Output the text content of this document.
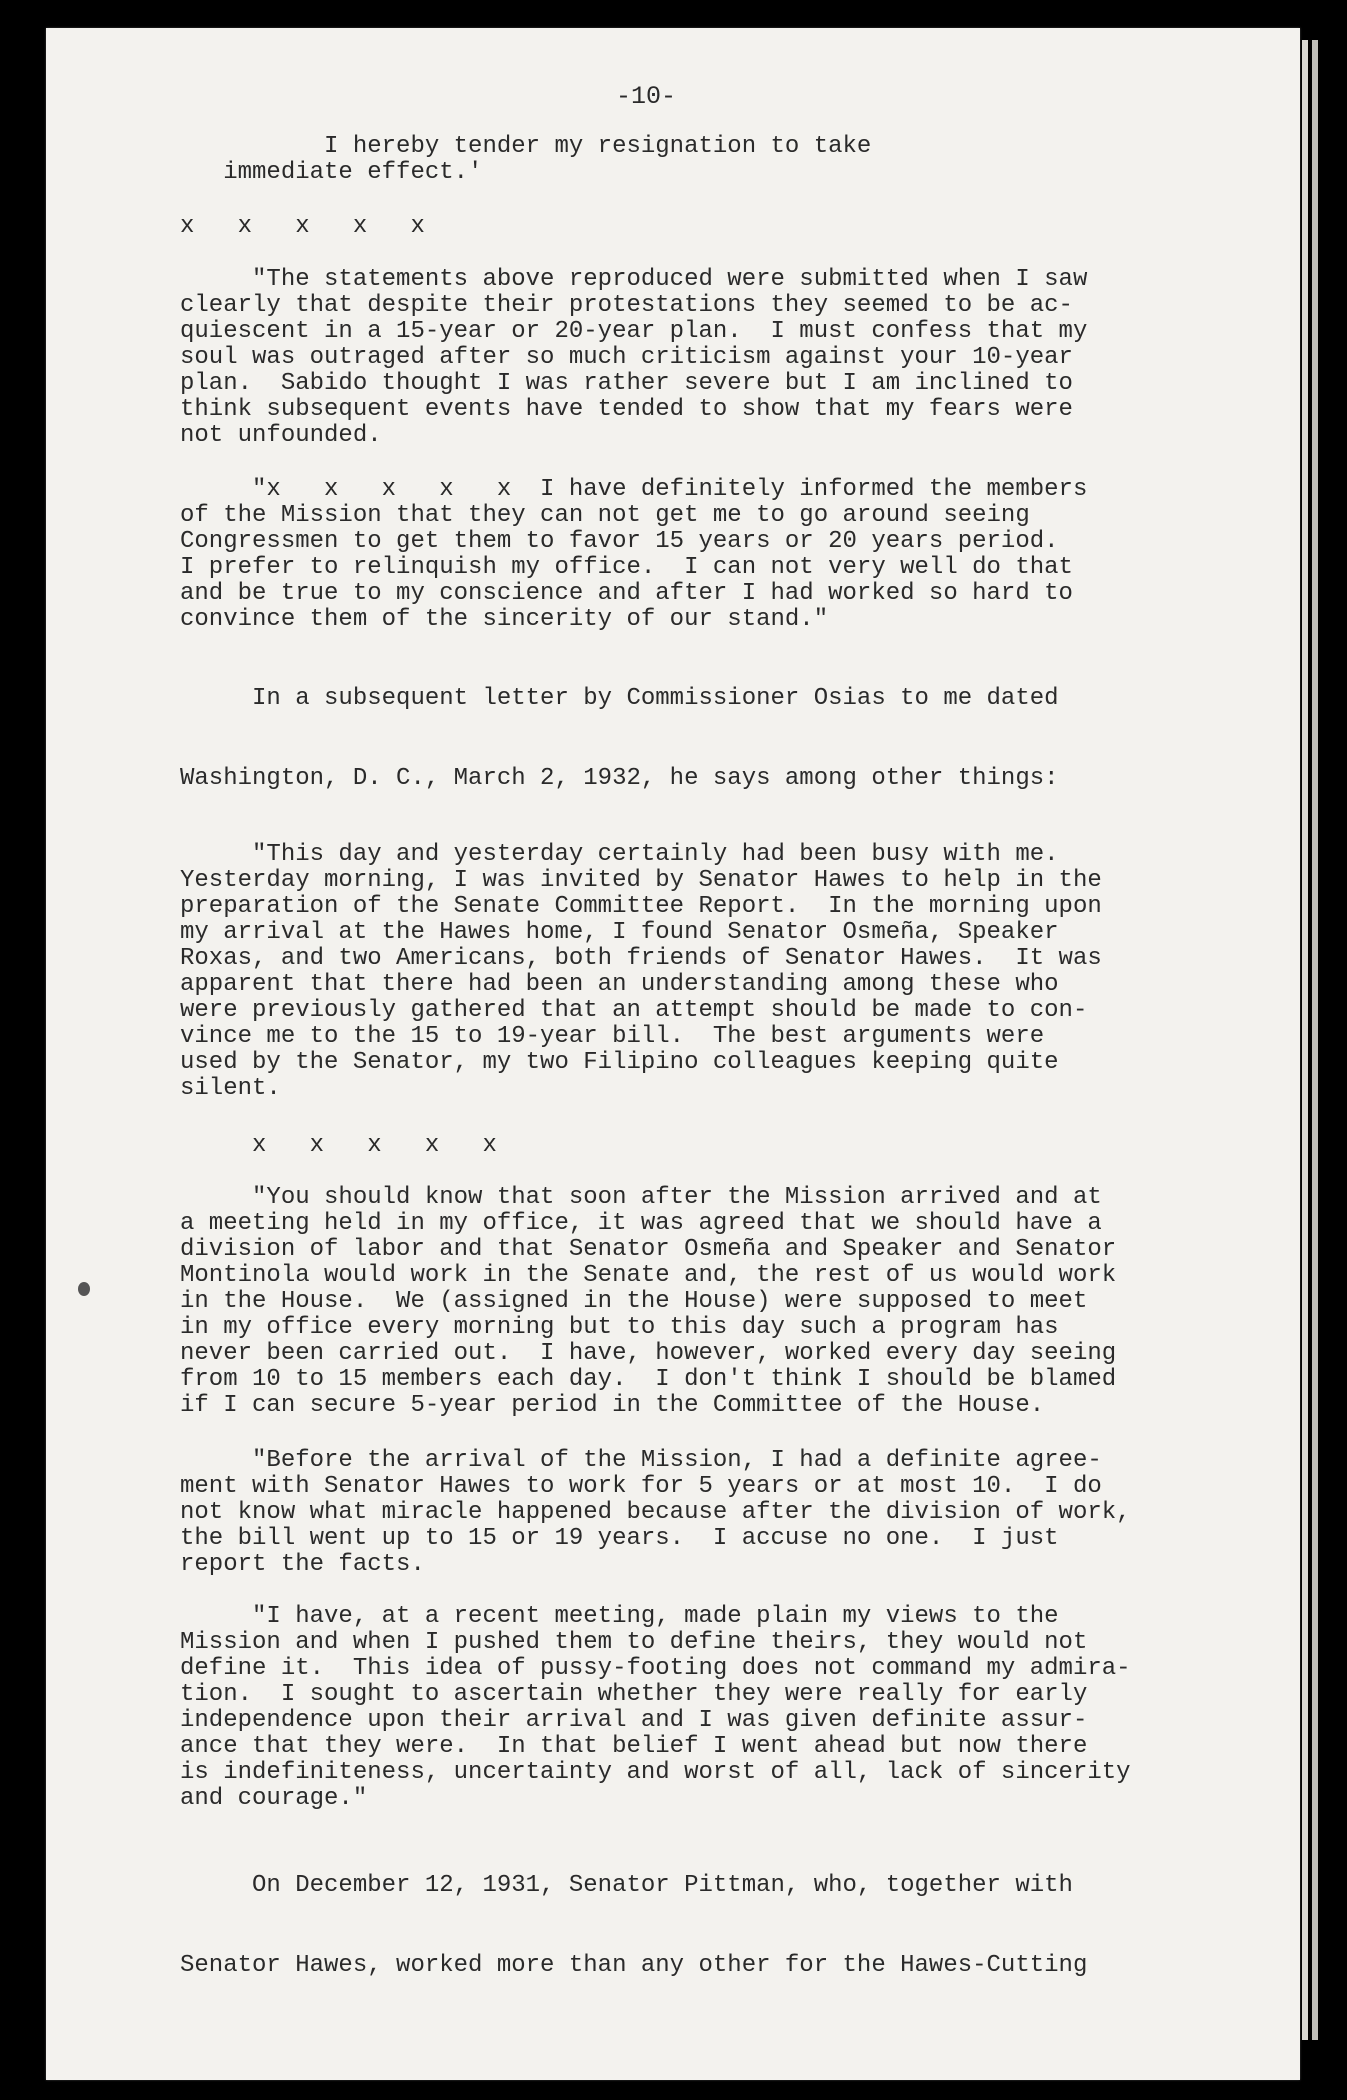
-10-
I hereby tender my resignation to take
immediate effect.'
x   x   x   x   x
"The statements above reproduced were submitted when I saw
clearly that despite their protestations they seemed to be ac-
quiescent in a 15-year or 20-year plan.  I must confess that my
soul was outraged after so much criticism against your 10-year
plan.  Sabido thought I was rather severe but I am inclined to
think subsequent events have tended to show that my fears were
not unfounded.
"x   x   x   x   x  I have definitely informed the members
of the Mission that they can not get me to go around seeing
Congressmen to get them to favor 15 years or 20 years period.
I prefer to relinquish my office.  I can not very well do that
and be true to my conscience and after I had worked so hard to
convince them of the sincerity of our stand."
In a subsequent letter by Commissioner Osias to me dated
Washington, D. C., March 2, 1932, he says among other things:
"This day and yesterday certainly had been busy with me.
Yesterday morning, I was invited by Senator Hawes to help in the
preparation of the Senate Committee Report.  In the morning upon
my arrival at the Hawes home, I found Senator Osmeña, Speaker
Roxas, and two Americans, both friends of Senator Hawes.  It was
apparent that there had been an understanding among these who
were previously gathered that an attempt should be made to con-
vince me to the 15 to 19-year bill.  The best arguments were
used by the Senator, my two Filipino colleagues keeping quite
silent.
x   x   x   x   x
"You should know that soon after the Mission arrived and at
a meeting held in my office, it was agreed that we should have a
division of labor and that Senator Osmeña and Speaker and Senator
Montinola would work in the Senate and, the rest of us would work
in the House.  We (assigned in the House) were supposed to meet
in my office every morning but to this day such a program has
never been carried out.  I have, however, worked every day seeing
from 10 to 15 members each day.  I don't think I should be blamed
if I can secure 5-year period in the Committee of the House.
"Before the arrival of the Mission, I had a definite agree-
ment with Senator Hawes to work for 5 years or at most 10.  I do
not know what miracle happened because after the division of work,
the bill went up to 15 or 19 years.  I accuse no one.  I just
report the facts.
"I have, at a recent meeting, made plain my views to the
Mission and when I pushed them to define theirs, they would not
define it.  This idea of pussy-footing does not command my admira-
tion.  I sought to ascertain whether they were really for early
independence upon their arrival and I was given definite assur-
ance that they were.  In that belief I went ahead but now there
is indefiniteness, uncertainty and worst of all, lack of sincerity
and courage."
On December 12, 1931, Senator Pittman, who, together with
Senator Hawes, worked more than any other for the Hawes-Cutting
